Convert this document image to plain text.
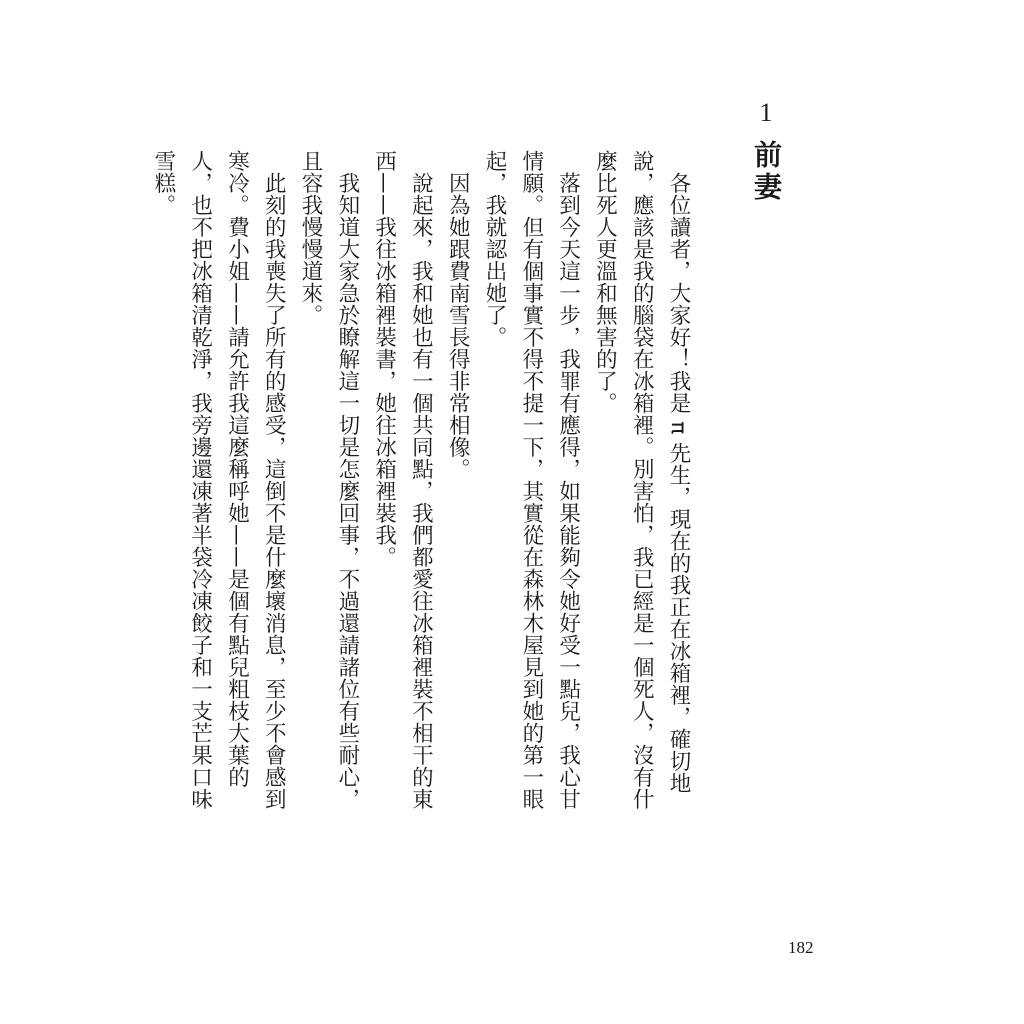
1
前妻

各位讀者，大家好！我是 π 先生，現在的我正在冰箱裡，確切地說，應該是我的腦袋在冰箱裡。別害怕，我已經是一個死人，沒有什麼比死人更溫和無害的了。

落到今天這一步，我罪有應得，如果能夠令她好受一點兒，我心甘情願。但有個事實不得不提一下，其實從在森林木屋見到她的第一眼起，我就認出她了。

因為她跟費南雪長得非常相像。

說起來，我和她也有一個共同點，我們都愛往冰箱裡裝不相干的東西——我往冰箱裡裝書，她往冰箱裡裝我。

我知道大家急於瞭解這一切是怎麼回事，不過還請諸位有些耐心，且容我慢慢道來。

此刻的我喪失了所有的感受，這倒不是什麼壞消息，至少不會感到寒冷。費小姐——請允許我這麼稱呼她——是個有點兒粗枝大葉的人，也不把冰箱清乾淨，我旁邊還凍著半袋冷凍餃子和一支芒果口味雪糕。

182
